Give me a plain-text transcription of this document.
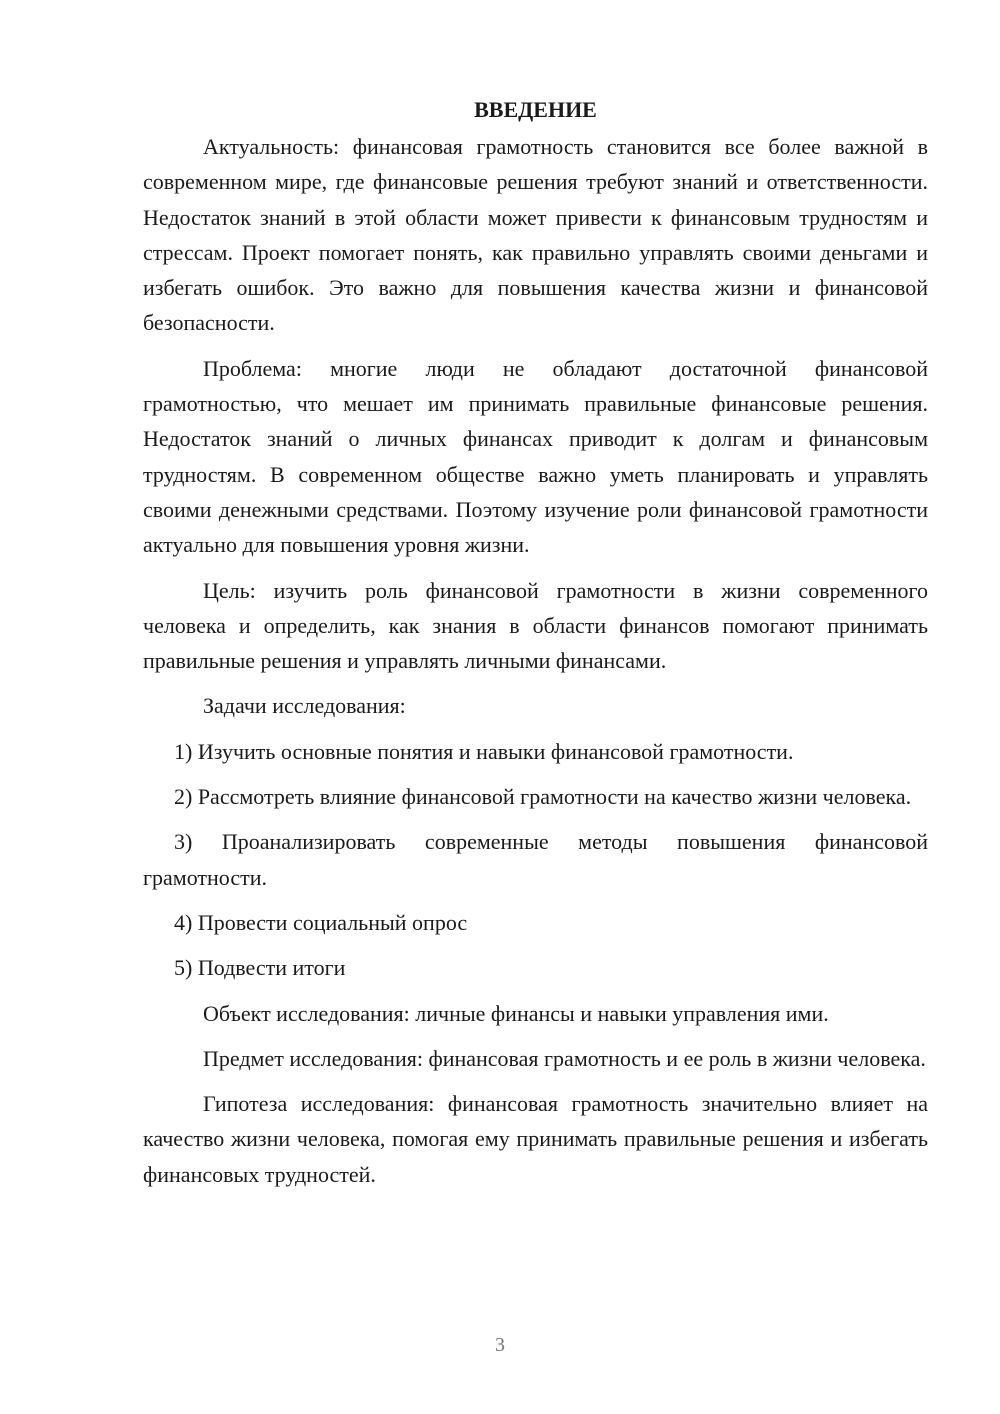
ВВЕДЕНИЕ

Актуальность: финансовая грамотность становится все более важной в современном мире, где финансовые решения требуют знаний и ответственности. Недостаток знаний в этой области может привести к финансовым трудностям и стрессам. Проект помогает понять, как правильно управлять своими деньгами и избегать ошибок. Это важно для повышения качества жизни и финансовой безопасности.

Проблема: многие люди не обладают достаточной финансовой грамотностью, что мешает им принимать правильные финансовые решения. Недостаток знаний о личных финансах приводит к долгам и финансовым трудностям. В современном обществе важно уметь планировать и управлять своими денежными средствами. Поэтому изучение роли финансовой грамотности актуально для повышения уровня жизни.

Цель: изучить роль финансовой грамотности в жизни современного человека и определить, как знания в области финансов помогают принимать правильные решения и управлять личными финансами.

Задачи исследования:

1) Изучить основные понятия и навыки финансовой грамотности.

2) Рассмотреть влияние финансовой грамотности на качество жизни человека.

3) Проанализировать современные методы повышения финансовой грамотности.

4) Провести социальный опрос

5) Подвести итоги

Объект исследования: личные финансы и навыки управления ими.

Предмет исследования: финансовая грамотность и ее роль в жизни человека.

Гипотеза исследования: финансовая грамотность значительно влияет на качество жизни человека, помогая ему принимать правильные решения и избегать финансовых трудностей.

3
